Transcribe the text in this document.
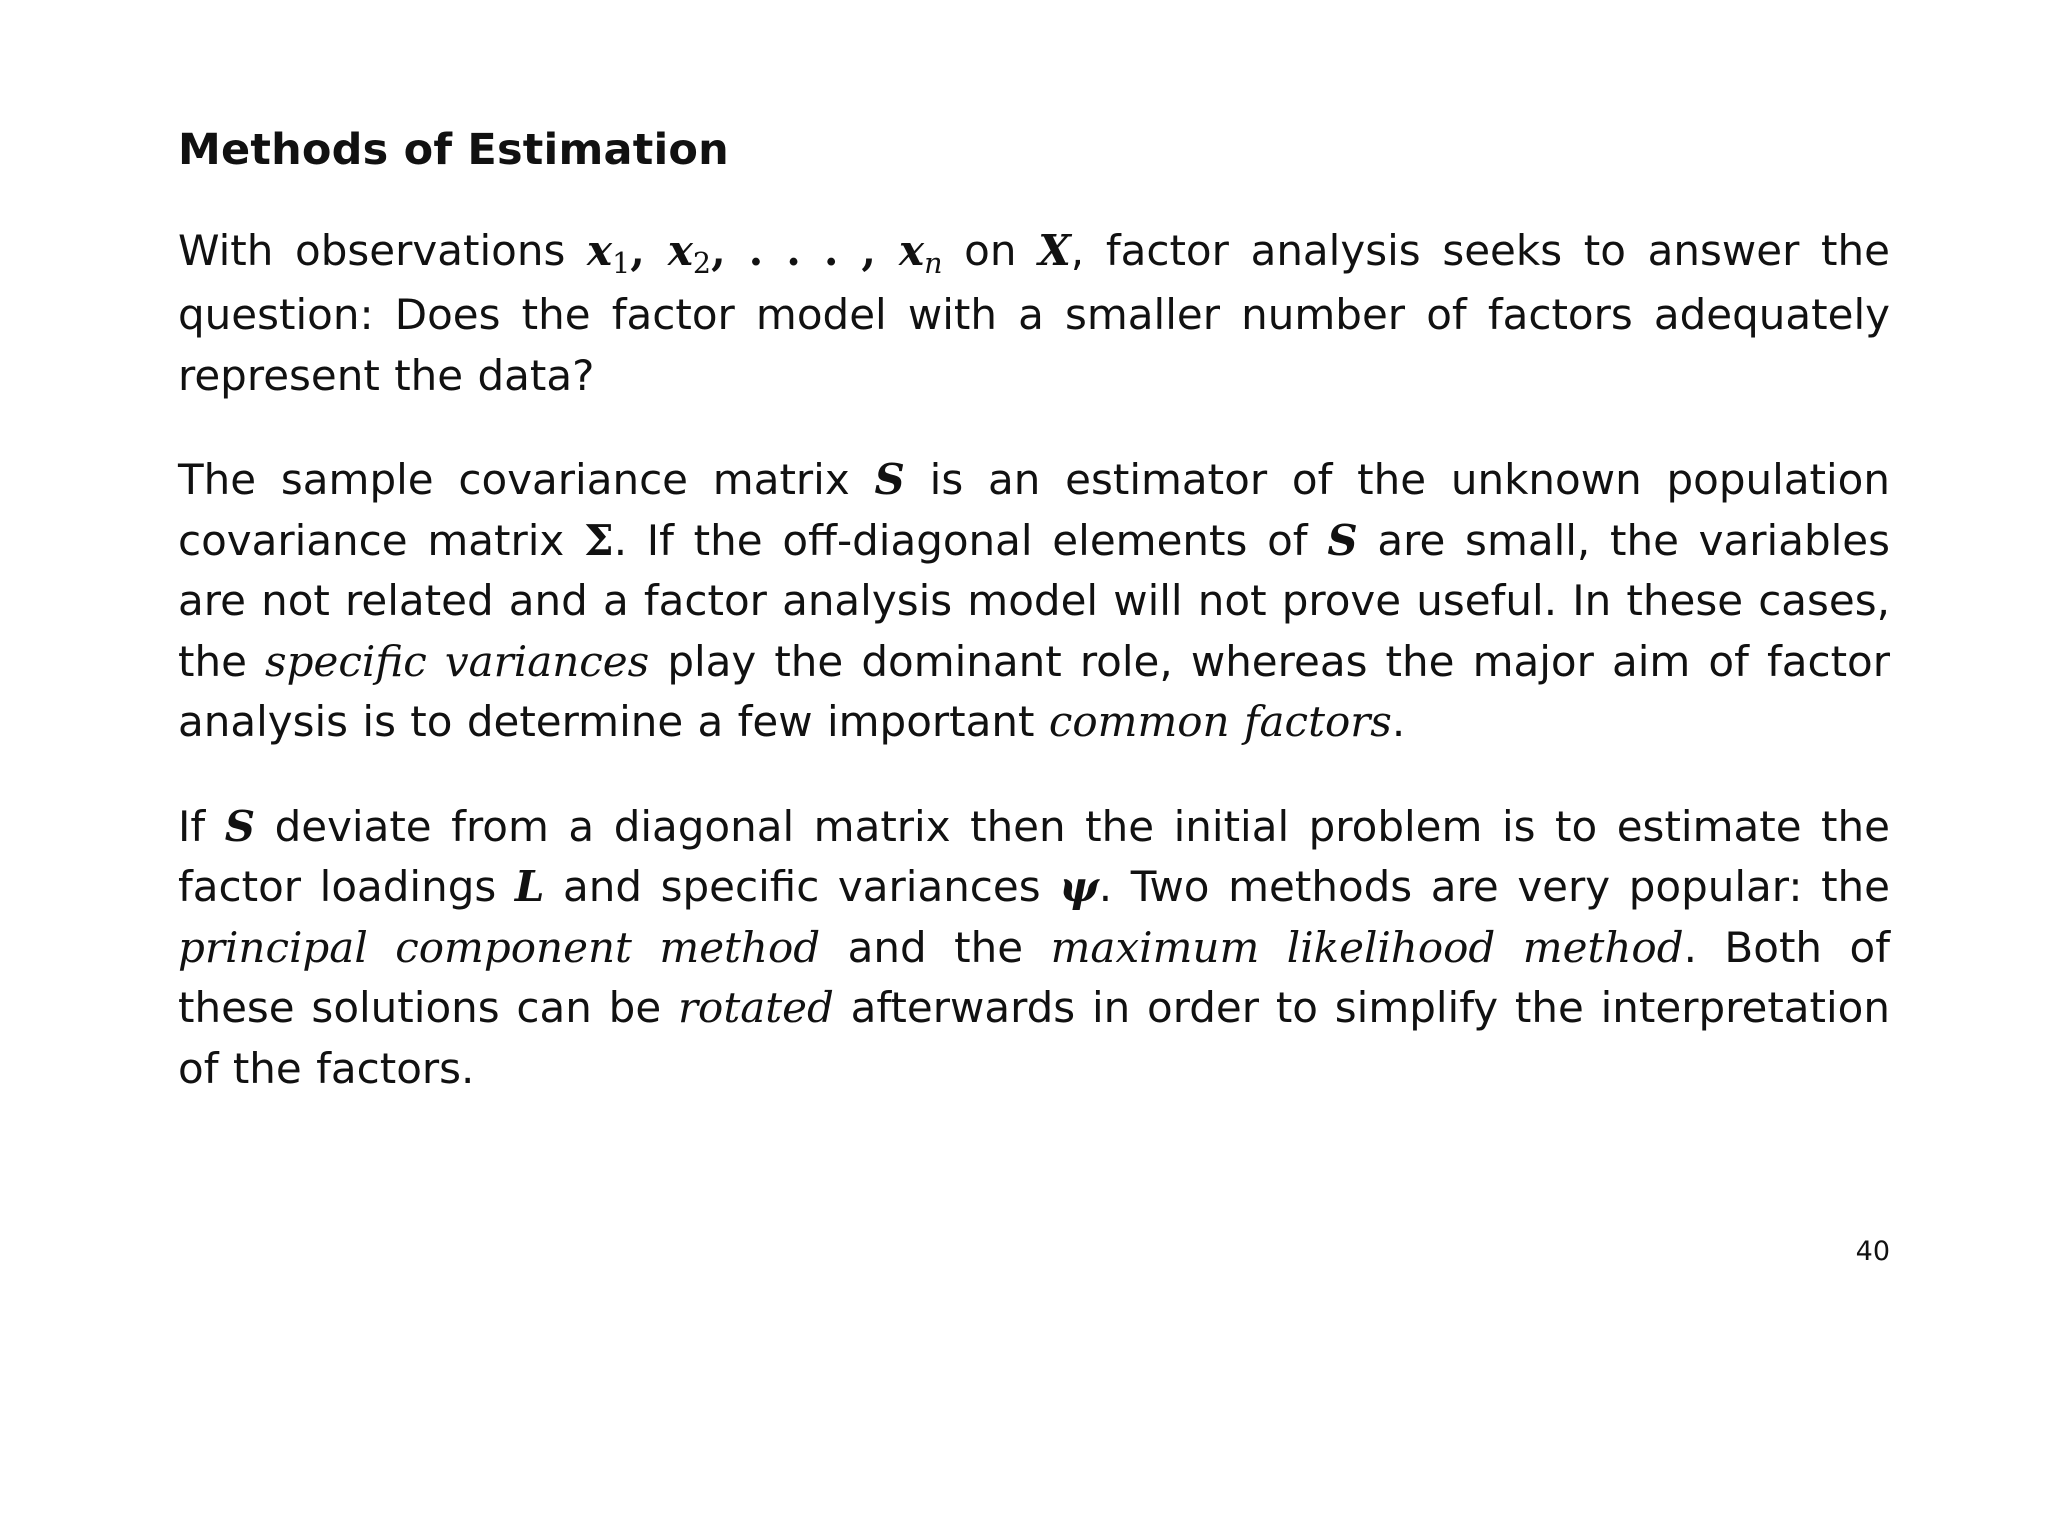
Methods of Estimation

With observations x1, x2, . . . , xn on X, factor analysis seeks to answer the question: Does the factor model with a smaller number of factors adequately represent the data?

The sample covariance matrix S is an estimator of the unknown population covariance matrix Σ. If the off-diagonal elements of S are small, the variables are not related and a factor analysis model will not prove useful. In these cases, the specific variances play the dominant role, whereas the major aim of factor analysis is to determine a few important common factors.

If S deviate from a diagonal matrix then the initial problem is to estimate the factor loadings L and specific variances ψ. Two methods are very popular: the principal component method and the maximum likelihood method. Both of these solutions can be rotated afterwards in order to simplify the interpretation of the factors.

40
